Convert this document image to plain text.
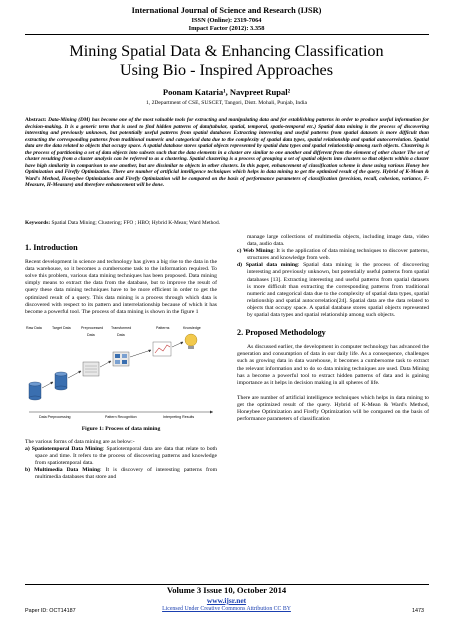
International Journal of Science and Research (IJSR)
ISSN (Online): 2319-7064
Impact Factor (2012): 3.358
Mining Spatial Data & Enhancing Classification
Using Bio - Inspired Approaches
Poonam Kataria¹, Navpreet Rupal²
1, 2Department of CSE, SUSCET, Tangori, Distt. Mohali, Punjab, India
Abstract: Data-Mining (DM) has become one of the most valuable tools for extracting and manipulating data and for establishing patterns in order to produce useful information for decision-making. It is a generic term that is used to find hidden patterns of data(tabular, spatial, temporal, spatio-temporal etc.) Spatial data mining is the process of discovering interesting and previously unknown, but potentially useful patterns from spatial databases Extracting interesting and useful patterns from spatial datasets is more difficult than extracting the corresponding patterns from traditional numeric and categorical data due to the complexity of spatial data types, spatial relationship and spatial autocorrelation. Spatial data are the data related to objects that occupy space. A spatial database stores spatial objects represented by spatial data types and spatial relationship among such objects. Clustering is the process of partitioning a set of data objects into subsets such that the data elements in a cluster are similar to one another and different from the element of other cluster The set of cluster resulting from a cluster analysis can be referred to as a clustering. Spatial clustering is a process of grouping a set of spatial objects into clusters so that objects within a cluster have high similarity in comparison to one another, but are dissimilar to objects in other clusters. In this paper, enhancement of classification scheme is done using various Honey bee Optimization and Firefly Optimization. There are number of artificial intelligence techniques which helps in data mining to get the optimized result of the query. Hybrid of K-Mean & Ward's Method, Honeybee Optimization and Firefly Optimization will be compared on the basis of performance parameters of classification (precision, recall, cohesion, variance, F-Measure, H-Measure) and therefore enhancement will be done.
Keywords: Spatial Data Mining; Clustering; FFO ; HBO; Hybrid K-Mean; Ward Method.
1. Introduction

Recent development in science and technology has given a big rise to the data in the data warehouse, so it becomes a cumbersome task to the information required. To solve this problem, various data mining techniques has been proposed. Data mining simply means to extract the data from the database, but to improve the result of query these data mining techniques have to be more efficient in order to get the optimized result of a query. This data mining is a process through which data is discovered with respect to its pattern and interrelationship because of which it has become a powerful tool. The process of data mining is shown in the figure 1

Raw Data	Target Data	Preprocessed
Data
Transformed
Data
Patterns	Knowledge
Data Preprocessing	Pattern Recognition	Interpreting Results
Figure 1: Process of data mining

The various forms of data mining are as below:-

a) Spatiotemporal Data Mining: Spatiotemporal data are data that relate to both space and time. It refers to the process of discovering patterns and knowledge from spatiotemporal data.
b) Multimedia Data Mining: It is discovery of interesting patterns from multimedia databases that store and

manage large collections of multimedia objects, including image data, video data, audio data.

c) Web Mining: It is the application of data mining techniques to discover patterns, structures and knowledge from web.
d) Spatial data mining: Spatial data mining is the process of discovering interesting and previously unknown, but potentially useful patterns from spatial databases [13]. Extracting interesting and useful patterns from spatial datasets is more difficult than extracting the corresponding patterns from traditional numeric and categorical data due to the complexity of spatial data types, spatial relationship and spatial autocorrelation[24]. Spatial data are the data related to objects that occupy space. A spatial database stores spatial objects represented by spatial data types and spatial relationship among such objects.
2. Proposed Methodology

As discussed earlier, the development in computer technology has advanced the generation and consumption of data in our daily life. As a consequence, challenges such as growing data in data warehouse, it becomes a cumbersome task to extract the relevant information and to do so data mining techniques are used. Data Mining has a become a powerful tool to extract hidden patterns of data and is gaining importance as it helps in decision making in all spheres of life.

There are number of artificial intelligence techniques which helps in data mining to get the optimized result of the query. Hybrid of K-Mean & Ward's Method, Honeybee Optimization and Firefly Optimization will be compared on the basis of performance parameters of classification

Volume 3 Issue 10, October 2014
www.ijsr.net
Licensed Under Creative Commons Attribution CC BY
Paper ID: OCT14187	1473
